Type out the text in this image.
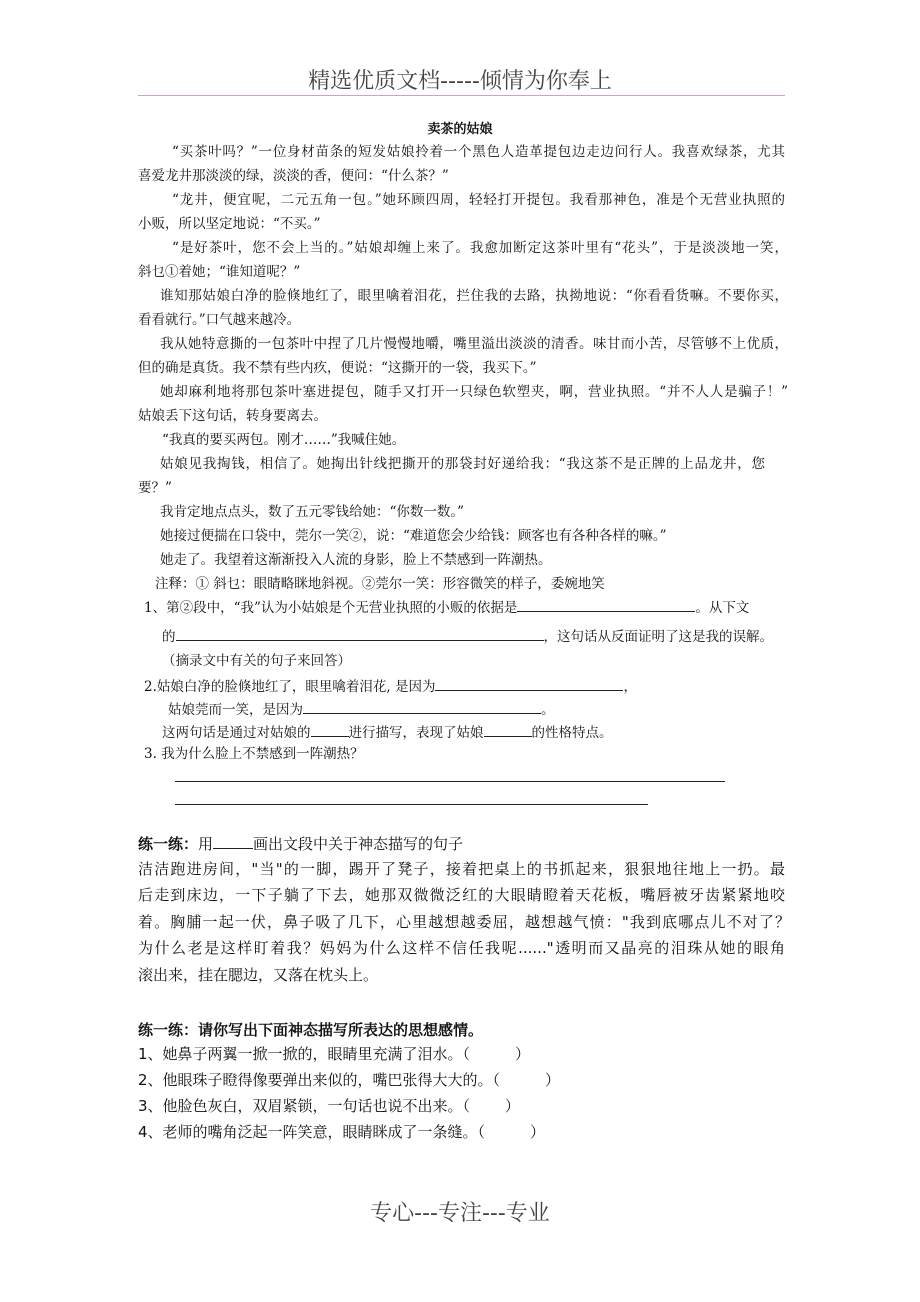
精选优质文档-----倾情为你奉上
卖茶的姑娘
“买茶叶吗？”一位身材苗条的短发姑娘拎着一个黑色人造革提包边走边问行人。我喜欢绿茶，尤其
喜爱龙井那淡淡的绿，淡淡的香，便问：“什么茶？”
“龙井，便宜呢，二元五角一包。”她环顾四周，轻轻打开提包。我看那神色，准是个无营业执照的
小贩，所以坚定地说：“不买。”
“是好茶叶，您不会上当的。”姑娘却缠上来了。我愈加断定这茶叶里有“花头”，于是淡淡地一笑，
斜乜①着她；“谁知道呢？”
谁知那姑娘白净的脸倏地红了，眼里噙着泪花，拦住我的去路，执拗地说：“你看看货嘛。不要你买，
看看就行。”口气越来越冷。
我从她特意撕的一包茶叶中捏了几片慢慢地嚼，嘴里溢出淡淡的清香。味甘而小苦，尽管够不上优质，
但的确是真货。我不禁有些内疚，便说：“这撕开的一袋，我买下。”
她却麻利地将那包茶叶塞进提包，随手又打开一只绿色软塑夹，啊，营业执照。“并不人人是骗子！”
姑娘丢下这句话，转身要离去。
“我真的要买两包。刚才……”我喊住她。
姑娘见我掏钱，相信了。她掏出针线把撕开的那袋封好递给我：“我这茶不是正牌的上品龙井，您
要？”
我肯定地点点头，数了五元零钱给她：“你数一数。”
她接过便揣在口袋中，莞尔一笑②，说：“难道您会少给钱：顾客也有各种各样的嘛。”
她走了。我望着这渐渐投入人流的身影，脸上不禁感到一阵潮热。
注释：① 斜乜：眼睛略眯地斜视。②莞尔一笑：形容微笑的样子，委婉地笑
1、第②段中，“我”认为小姑娘是个无营业执照的小贩的依据是	。从下文
的	，这句话从反面证明了这是我的误解。
（摘录文中有关的句子来回答）
2.姑娘白净的脸倏地红了，眼里噙着泪花, 是因为	，
姑娘莞而一笑，是因为	。
这两句话是通过对姑娘的	进行描写，表现了姑娘	的性格特点。
3. 我为什么脸上不禁感到一阵潮热？
练一练：用	画出文段中关于神态描写的句子
洁洁跑进房间，"当"的一脚，踢开了凳子，接着把桌上的书抓起来，狠狠地往地上一扔。最
后走到床边，一下子躺了下去，她那双微微泛红的大眼睛瞪着天花板，嘴唇被牙齿紧紧地咬
着。胸脯一起一伏，鼻子吸了几下，心里越想越委屈，越想越气愤："我到底哪点儿不对了？
为什么老是这样盯着我？妈妈为什么这样不信任我呢......"透明而又晶亮的泪珠从她的眼角
滚出来，挂在腮边，又落在枕头上。
练一练：请你写出下面神态描写所表达的思想感情。
1、她鼻子两翼一掀一掀的，眼睛里充满了泪水。（　　　）
2、他眼珠子瞪得像要弹出来似的，嘴巴张得大大的。（　　　）
3、他脸色灰白，双眉紧锁，一句话也说不出来。（　　 ）
4、老师的嘴角泛起一阵笑意，眼睛眯成了一条缝。（　　　）
专心---专注---专业
